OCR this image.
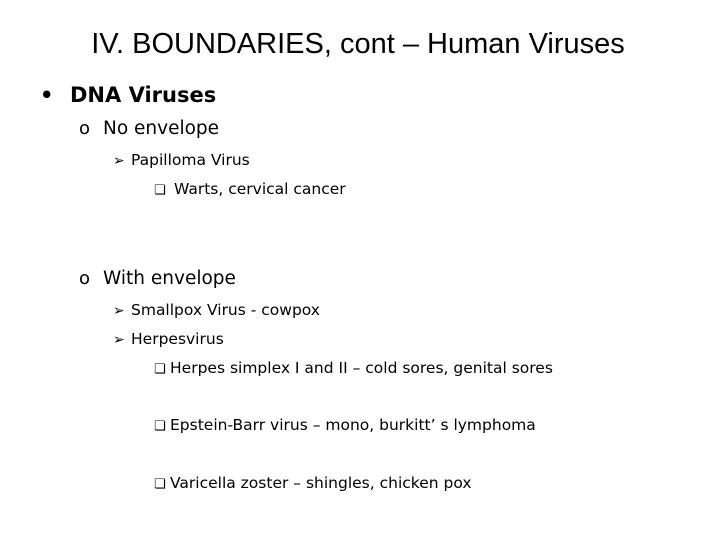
IV. BOUNDARIES, cont – Human Viruses
• DNA Viruses
o No envelope
➢ Papilloma Virus
❏ Warts, cervical cancer
o With envelope
➢ Smallpox Virus - cowpox
➢ Herpesvirus
❏ Herpes simplex I and II – cold sores, genital sores
❏ Epstein-Barr virus – mono, burkittʼ s lymphoma
❏ Varicella zoster – shingles, chicken pox
